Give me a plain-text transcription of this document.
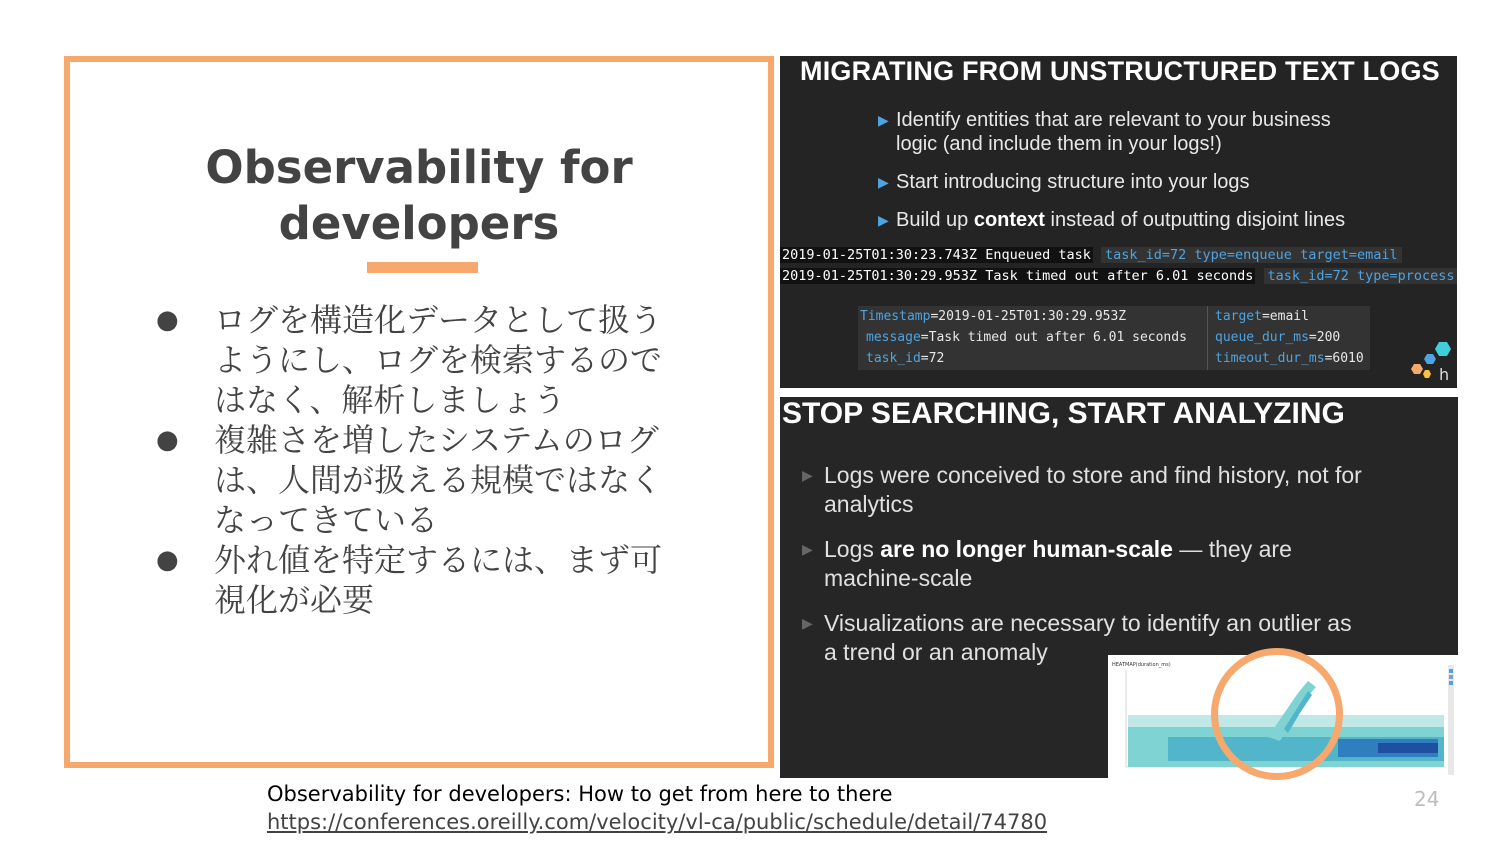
Observability for
developers
● ログを構造化データとして扱うようにし、ログを検索するのではなく、解析しましょう
● 複雑さを増したシステムのログは、人間が扱える規模ではなくなってきている
● 外れ値を特定するには、まず可視化が必要
MIGRATING FROM UNSTRUCTURED TEXT LOGS
▶ Identify entities that are relevant to your business logic (and include them in your logs!)
▶ Start introducing structure into your logs
▶ Build up context instead of outputting disjoint lines
2019-01-25T01:30:23.743Z Enqueued task task_id=72 type=enqueue target=email
2019-01-25T01:30:29.953Z Task timed out after 6.01 seconds task_id=72 type=process
Timestamp=2019-01-25T01:30:29.953Z
message=Task timed out after 6.01 seconds
task_id=72
target=email
queue_dur_ms=200
timeout_dur_ms=6010
h
STOP SEARCHING, START ANALYZING
▶ Logs were conceived to store and find history, not for analytics
▶ Logs are no longer human-scale — they are machine-scale
▶ Visualizations are necessary to identify an outlier as a trend or an anomaly	HEATMAP(duration_ms)
Observability for developers: How to get from here to there
https://conferences.oreilly.com/velocity/vl-ca/public/schedule/detail/74780
24
